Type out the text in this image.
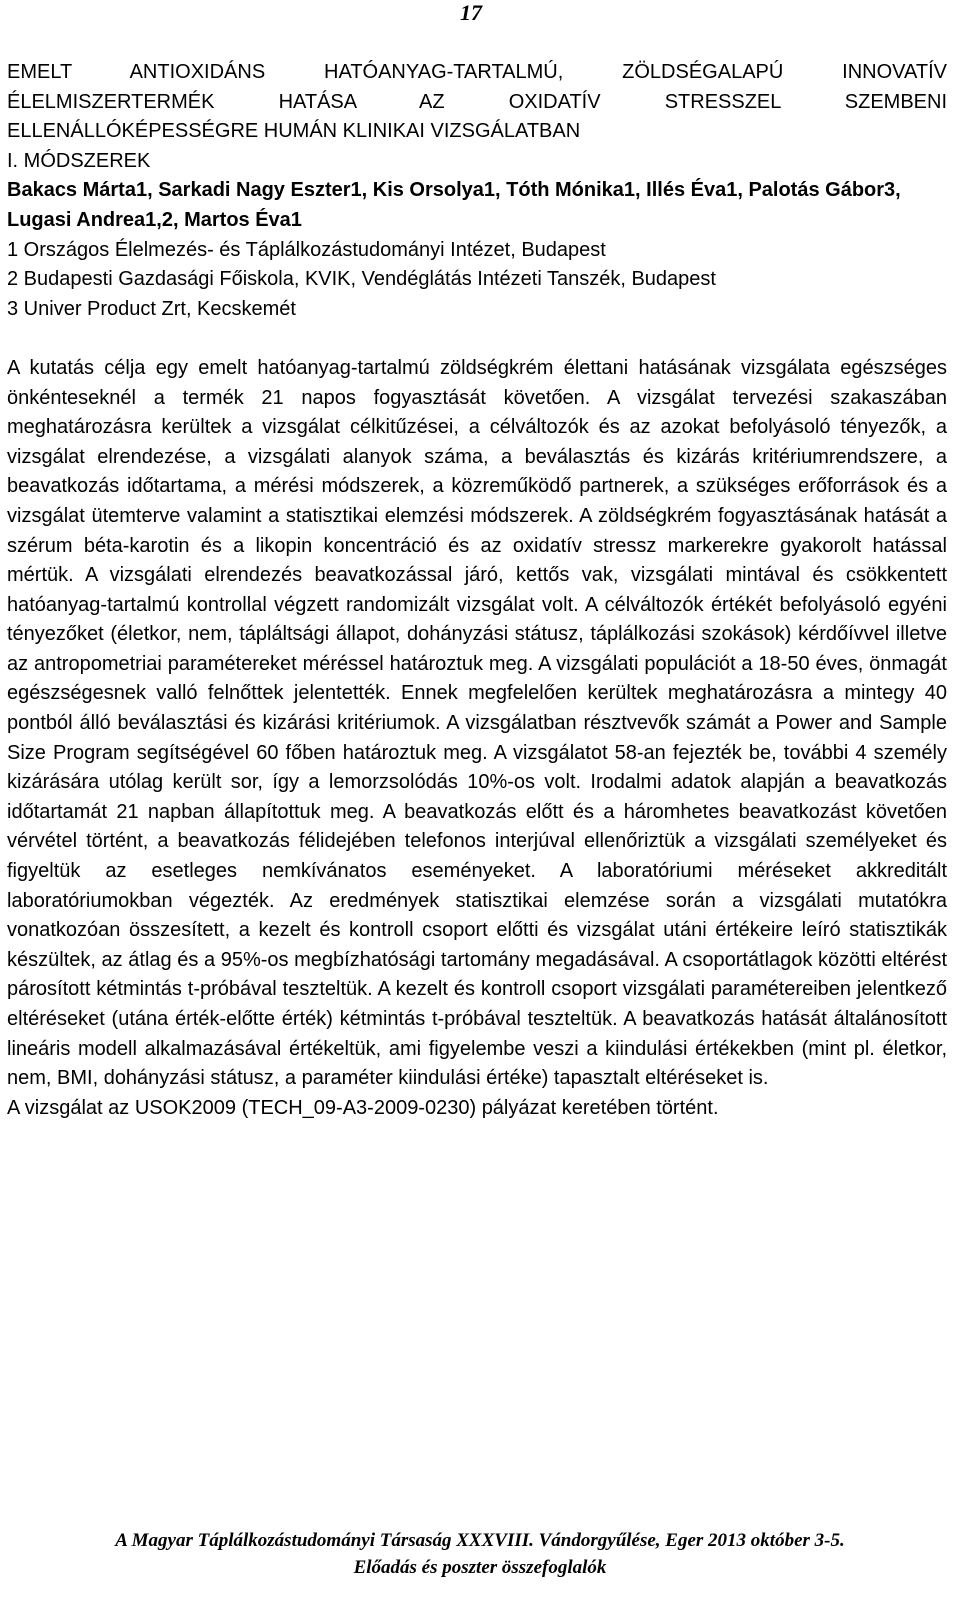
17

EMELT ANTIOXIDÁNS HATÓANYAG-TARTALMÚ, ZÖLDSÉGALAPÚ INNOVATÍV
ÉLELMISZERTERMÉK HATÁSA AZ OXIDATÍV STRESSZEL SZEMBENI
ELLENÁLLÓKÉPESSÉGRE HUMÁN KLINIKAI VIZSGÁLATBAN

I. MÓDSZEREK

Bakacs Márta1, Sarkadi Nagy Eszter1, Kis Orsolya1, Tóth Mónika1, Illés Éva1, Palotás Gábor3, Lugasi Andrea1,2, Martos Éva1

1 Országos Élelmezés- és Táplálkozástudományi Intézet, Budapest

2 Budapesti Gazdasági Főiskola, KVIK, Vendéglátás Intézeti Tanszék, Budapest

3 Univer Product Zrt, Kecskemét

A kutatás célja egy emelt hatóanyag-tartalmú zöldségkrém élettani hatásának vizsgálata egészséges önkénteseknél a termék 21 napos fogyasztását követően. A vizsgálat tervezési szakaszában meghatározásra kerültek a vizsgálat célkitűzései, a célváltozók és az azokat befolyásoló tényezők, a vizsgálat elrendezése, a vizsgálati alanyok száma, a beválasztás és kizárás kritériumrendszere, a beavatkozás időtartama, a mérési módszerek, a közreműködő partnerek, a szükséges erőforrások és a vizsgálat ütemterve valamint a statisztikai elemzési módszerek. A zöldségkrém fogyasztásának hatását a szérum béta-karotin és a likopin koncentráció és az oxidatív stressz markerekre gyakorolt hatással mértük. A vizsgálati elrendezés beavatkozással járó, kettős vak, vizsgálati mintával és csökkentett hatóanyag-tartalmú kontrollal végzett randomizált vizsgálat volt. A célváltozók értékét befolyásoló egyéni tényezőket (életkor, nem, tápláltsági állapot, dohányzási státusz, táplálkozási szokások) kérdőívvel illetve az antropometriai paramétereket méréssel határoztuk meg. A vizsgálati populációt a 18-50 éves, önmagát egészségesnek valló felnőttek jelentették. Ennek megfelelően kerültek meghatározásra a mintegy 40 pontból álló beválasztási és kizárási kritériumok. A vizsgálatban résztvevők számát a Power and Sample Size Program segítségével 60 főben határoztuk meg. A vizsgálatot 58-an fejezték be, további 4 személy kizárására utólag került sor, így a lemorzsolódás 10%-os volt. Irodalmi adatok alapján a beavatkozás időtartamát 21 napban állapítottuk meg. A beavatkozás előtt és a háromhetes beavatkozást követően vérvétel történt, a beavatkozás félidejében telefonos interjúval ellenőriztük a vizsgálati személyeket és figyeltük az esetleges nemkívánatos eseményeket. A laboratóriumi méréseket akkreditált laboratóriumokban végezték. Az eredmények statisztikai elemzése során a vizsgálati mutatókra vonatkozóan összesített, a kezelt és kontroll csoport előtti és vizsgálat utáni értékeire leíró statisztikák készültek, az átlag és a 95%-os megbízhatósági tartomány megadásával. A csoportátlagok közötti eltérést párosított kétmintás t-próbával teszteltük. A kezelt és kontroll csoport vizsgálati paramétereiben jelentkező eltéréseket (utána érték-előtte érték) kétmintás t-próbával teszteltük. A beavatkozás hatását általánosított lineáris modell alkalmazásával értékeltük, ami figyelembe veszi a kiindulási értékekben (mint pl. életkor, nem, BMI, dohányzási státusz, a paraméter kiindulási értéke) tapasztalt eltéréseket is.

A vizsgálat az USOK2009 (TECH_09-A3-2009-0230) pályázat keretében történt.

A Magyar Táplálkozástudományi Társaság XXXVIII. Vándorgyűlése, Eger 2013 október 3-5.
Előadás és poszter összefoglalók
